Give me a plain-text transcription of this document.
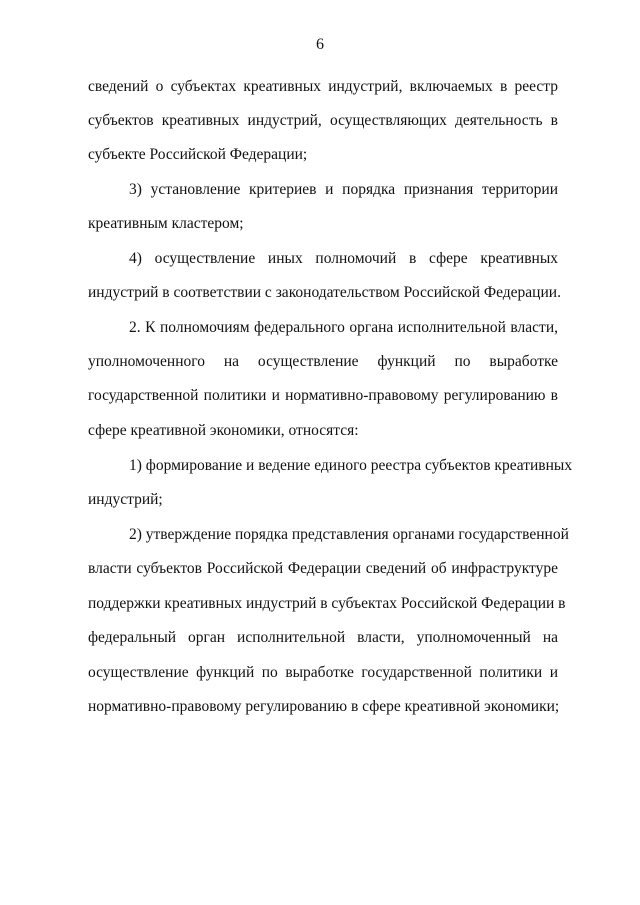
6
сведений о субъектах креативных индустрий, включаемых в реестр
субъектов креативных индустрий, осуществляющих деятельность в
субъекте Российской Федерации;
3) установление критериев и порядка признания территории
креативным кластером;
4) осуществление иных полномочий в сфере креативных
индустрий в соответствии с законодательством Российской Федерации.
2. К полномочиям федерального органа исполнительной власти,
уполномоченного на осуществление функций по выработке
государственной политики и нормативно-правовому регулированию в
сфере креативной экономики, относятся:
1) формирование и ведение единого реестра субъектов креативных
индустрий;
2) утверждение порядка представления органами государственной
власти субъектов Российской Федерации сведений об инфраструктуре
поддержки креативных индустрий в субъектах Российской Федерации в
федеральный орган исполнительной власти, уполномоченный на
осуществление функций по выработке государственной политики и
нормативно-правовому регулированию в сфере креативной экономики;
